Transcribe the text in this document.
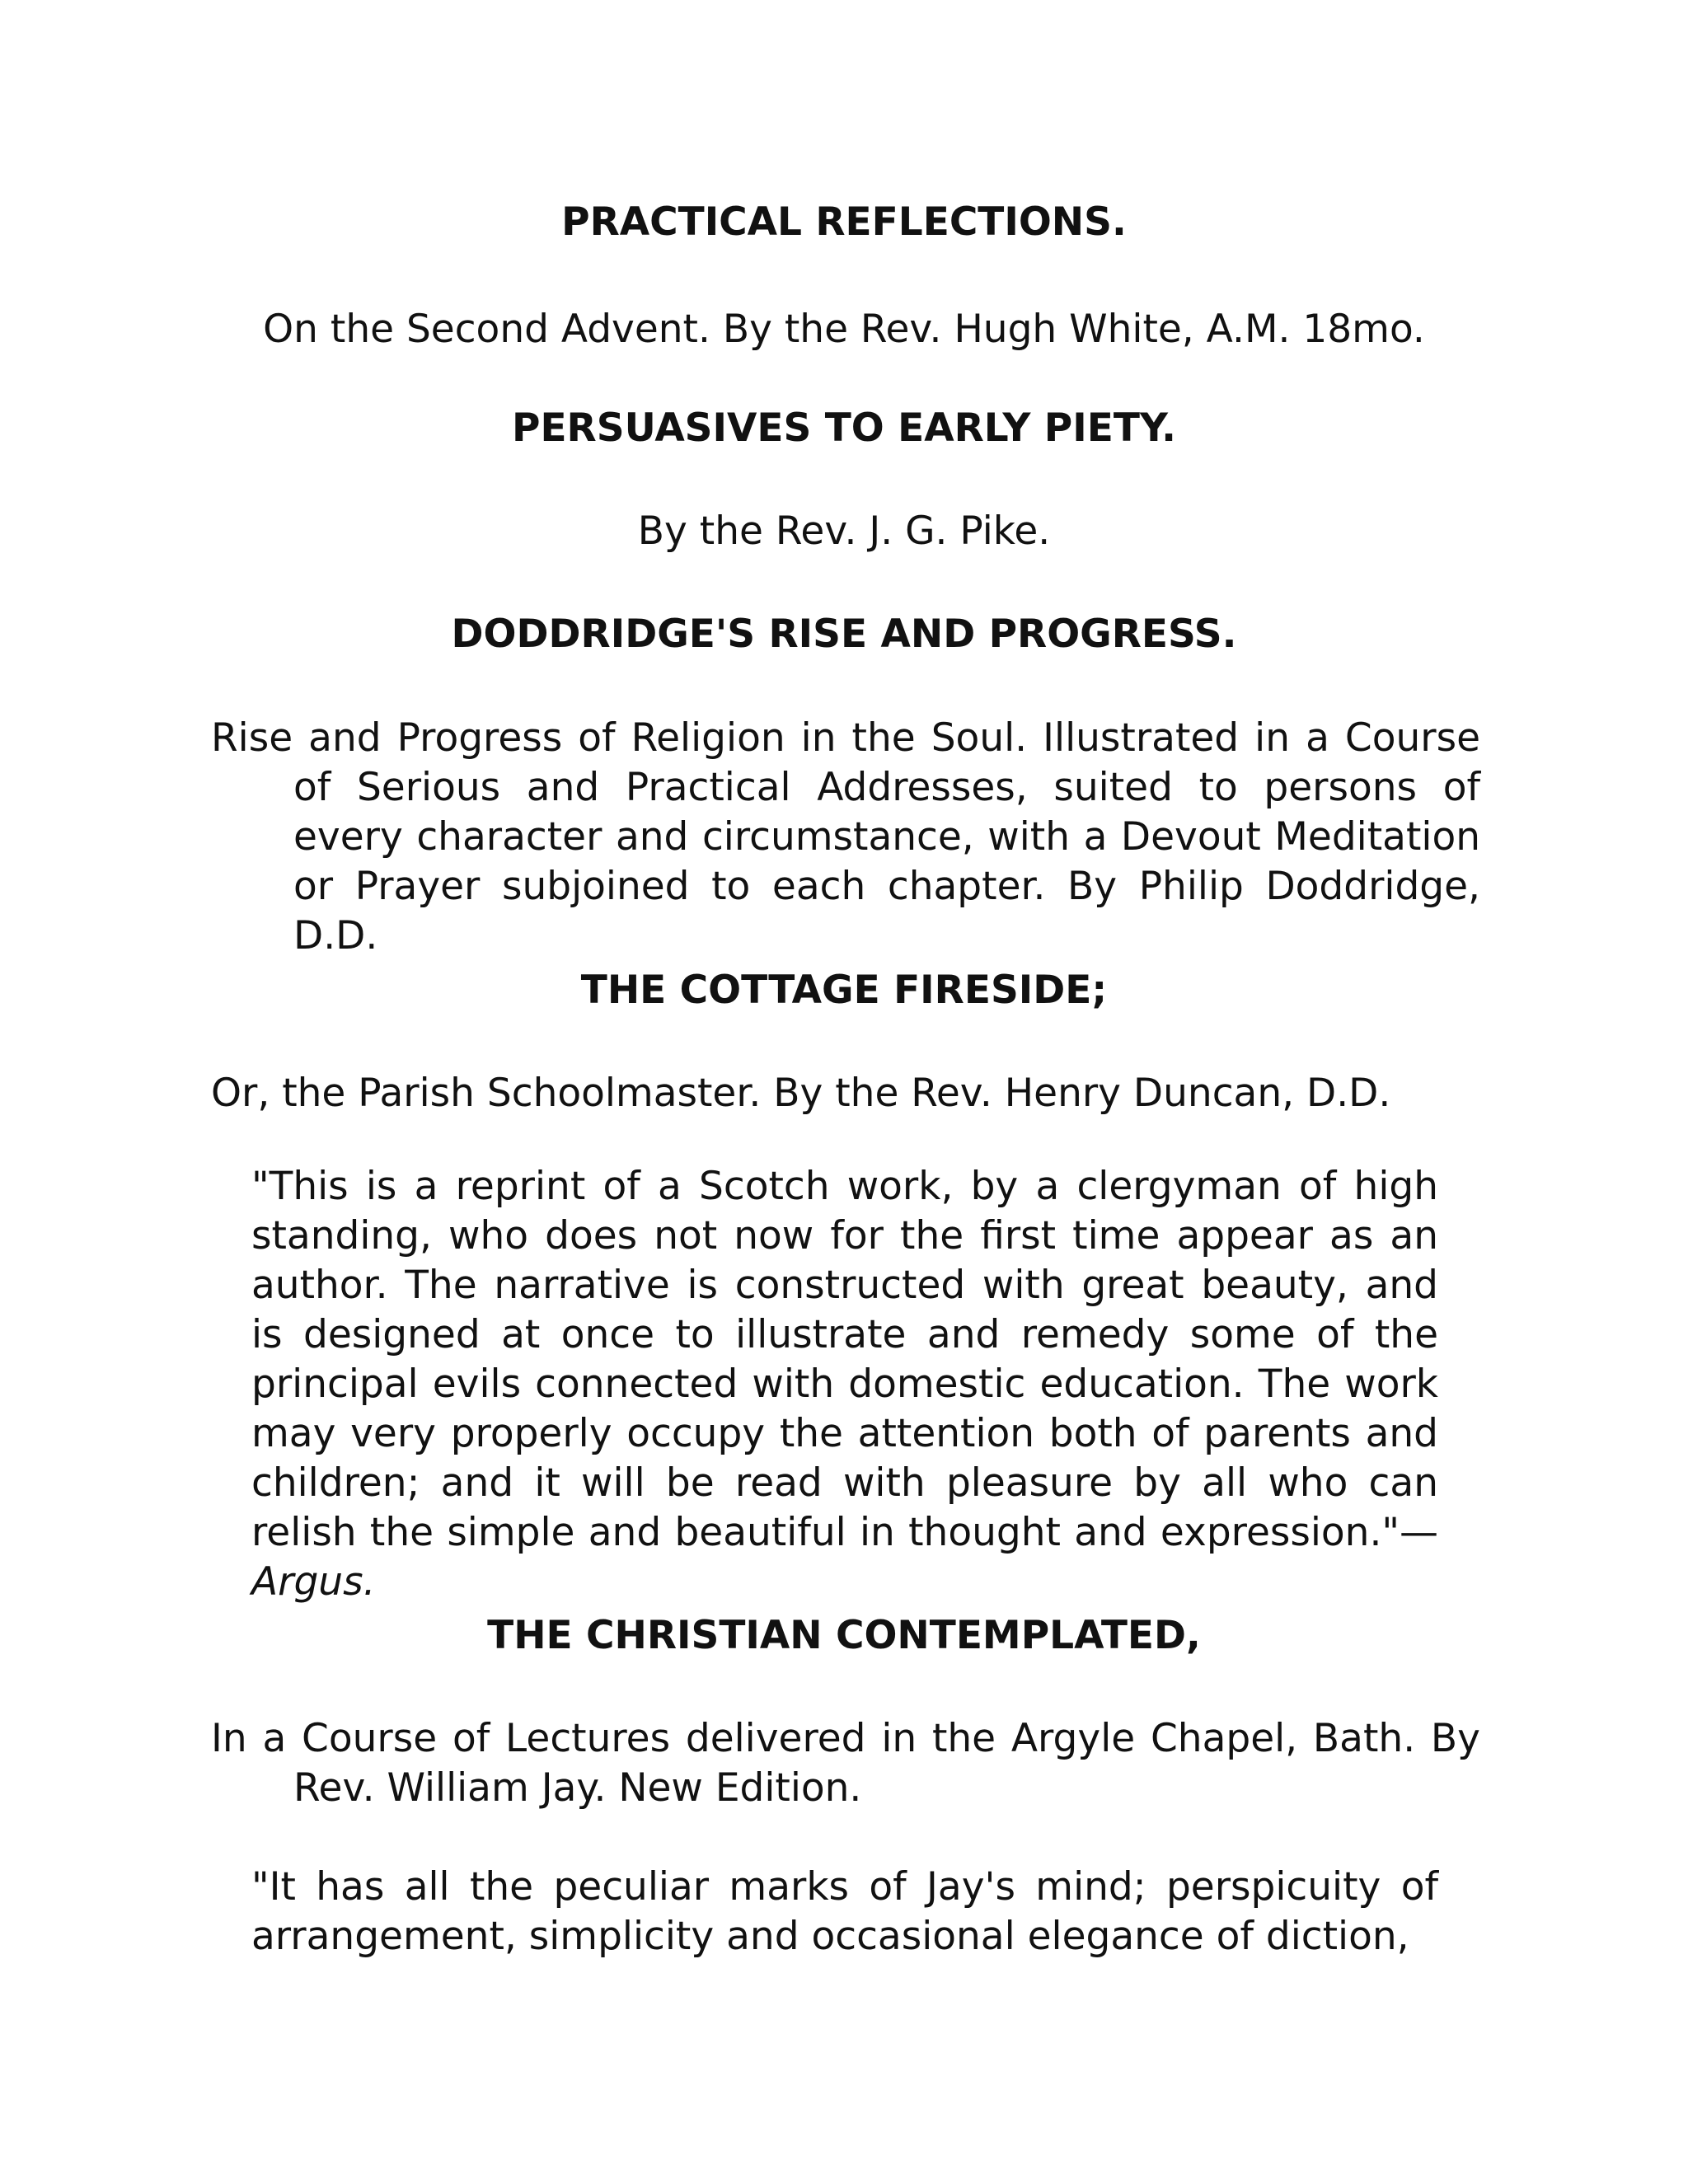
PRACTICAL REFLECTIONS.

On the Second Advent. By the Rev. Hugh White, A.M. 18mo.

PERSUASIVES TO EARLY PIETY.

By the Rev. J. G. Pike.

DODDRIDGE'S RISE AND PROGRESS.

Rise and Progress of Religion in the Soul. Illustrated in a Course of Serious and Practical Addresses, suited to persons of every character and circumstance, with a Devout Meditation or Prayer subjoined to each chapter. By Philip Doddridge, D.D.

THE COTTAGE FIRESIDE;

Or, the Parish Schoolmaster. By the Rev. Henry Duncan, D.D.

"This is a reprint of a Scotch work, by a clergyman of high standing, who does not now for the first time appear as an author. The narrative is constructed with great beauty, and is designed at once to illustrate and remedy some of the principal evils connected with domestic education. The work may very properly occupy the attention both of parents and children; and it will be read with pleasure by all who can relish the simple and beautiful in thought and expression."—Argus.

THE CHRISTIAN CONTEMPLATED,

In a Course of Lectures delivered in the Argyle Chapel, Bath. By Rev. William Jay. New Edition.

"It has all the peculiar marks of Jay's mind; perspicuity of arrangement, simplicity and occasional elegance of diction,
